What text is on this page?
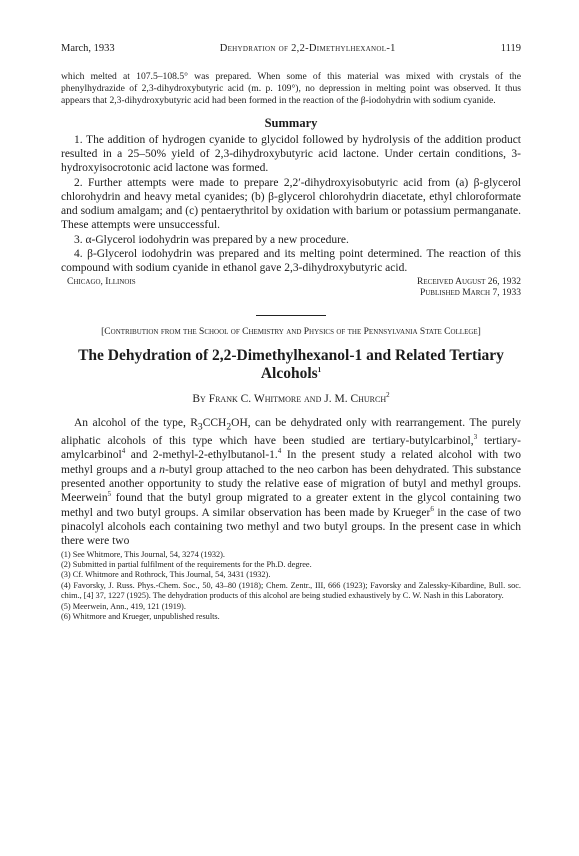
March, 1933	Dehydration of 2,2-Dimethylhexanol-1	1119

which melted at 107.5–108.5° was prepared. When some of this material was mixed with crystals of the phenylhydrazide of 2,3-dihydroxybutyric acid (m. p. 109°), no depression in melting point was observed. It thus appears that 2,3-dihydroxybutyric acid had been formed in the reaction of the β-iodohydrin with sodium cyanide.

Summary

1. The addition of hydrogen cyanide to glycidol followed by hydrolysis of the addition product resulted in a 25–50% yield of 2,3-dihydroxybutyric acid lactone. Under certain conditions, 3-hydroxyisocrotonic acid lactone was formed.

2. Further attempts were made to prepare 2,2′-dihydroxyisobutyric acid from (a) β-glycerol chlorohydrin and heavy metal cyanides; (b) β-glycerol chlorohydrin diacetate, ethyl chloroformate and sodium amalgam; and (c) pentaerythritol by oxidation with barium or potassium permanganate. These attempts were unsuccessful.

3. α-Glycerol iodohydrin was prepared by a new procedure.

4. β-Glycerol iodohydrin was prepared and its melting point determined. The reaction of this compound with sodium cyanide in ethanol gave 2,3-dihydroxybutyric acid.

Chicago, Illinois	Received August 26, 1932
Published March 7, 1933
[Contribution from the School of Chemistry and Physics of the Pennsylvania State College]
The Dehydration of 2,2-Dimethylhexanol-1 and Related Tertiary Alcohols$^1$
By Frank C. Whitmore and J. M. Church$^2$

An alcohol of the type, $R_3CCH_2OH$, can be dehydrated only with rearrangement. The purely aliphatic alcohols of this type which have been studied are tertiary-butylcarbinol,$^3$ tertiary-amylcarbinol$^4$ and 2-methyl-2-ethylbutanol-1.$^4$ In the present study a related alcohol with two methyl groups and a n-butyl group attached to the neo carbon has been dehydrated. This substance presented another opportunity to study the relative ease of migration of butyl and methyl groups. Meerwein$^5$ found that the butyl group migrated to a greater extent in the glycol containing two methyl and two butyl groups. A similar observation has been made by Krueger$^6$ in the case of two pinacolyl alcohols each containing two methyl and two butyl groups. In the present case in which there were two

(1) See Whitmore, This Journal, 54, 3274 (1932).

(2) Submitted in partial fulfilment of the requirements for the Ph.D. degree.

(3) Cf. Whitmore and Rothrock, This Journal, 54, 3431 (1932).

(4) Favorsky, J. Russ. Phys.-Chem. Soc., 50, 43–80 (1918); Chem. Zentr., III, 666 (1923); Favorsky and Zalessky-Kibardine, Bull. soc. chim., [4] 37, 1227 (1925). The dehydration products of this alcohol are being studied exhaustively by C. W. Nash in this Laboratory.

(5) Meerwein, Ann., 419, 121 (1919).

(6) Whitmore and Krueger, unpublished results.
